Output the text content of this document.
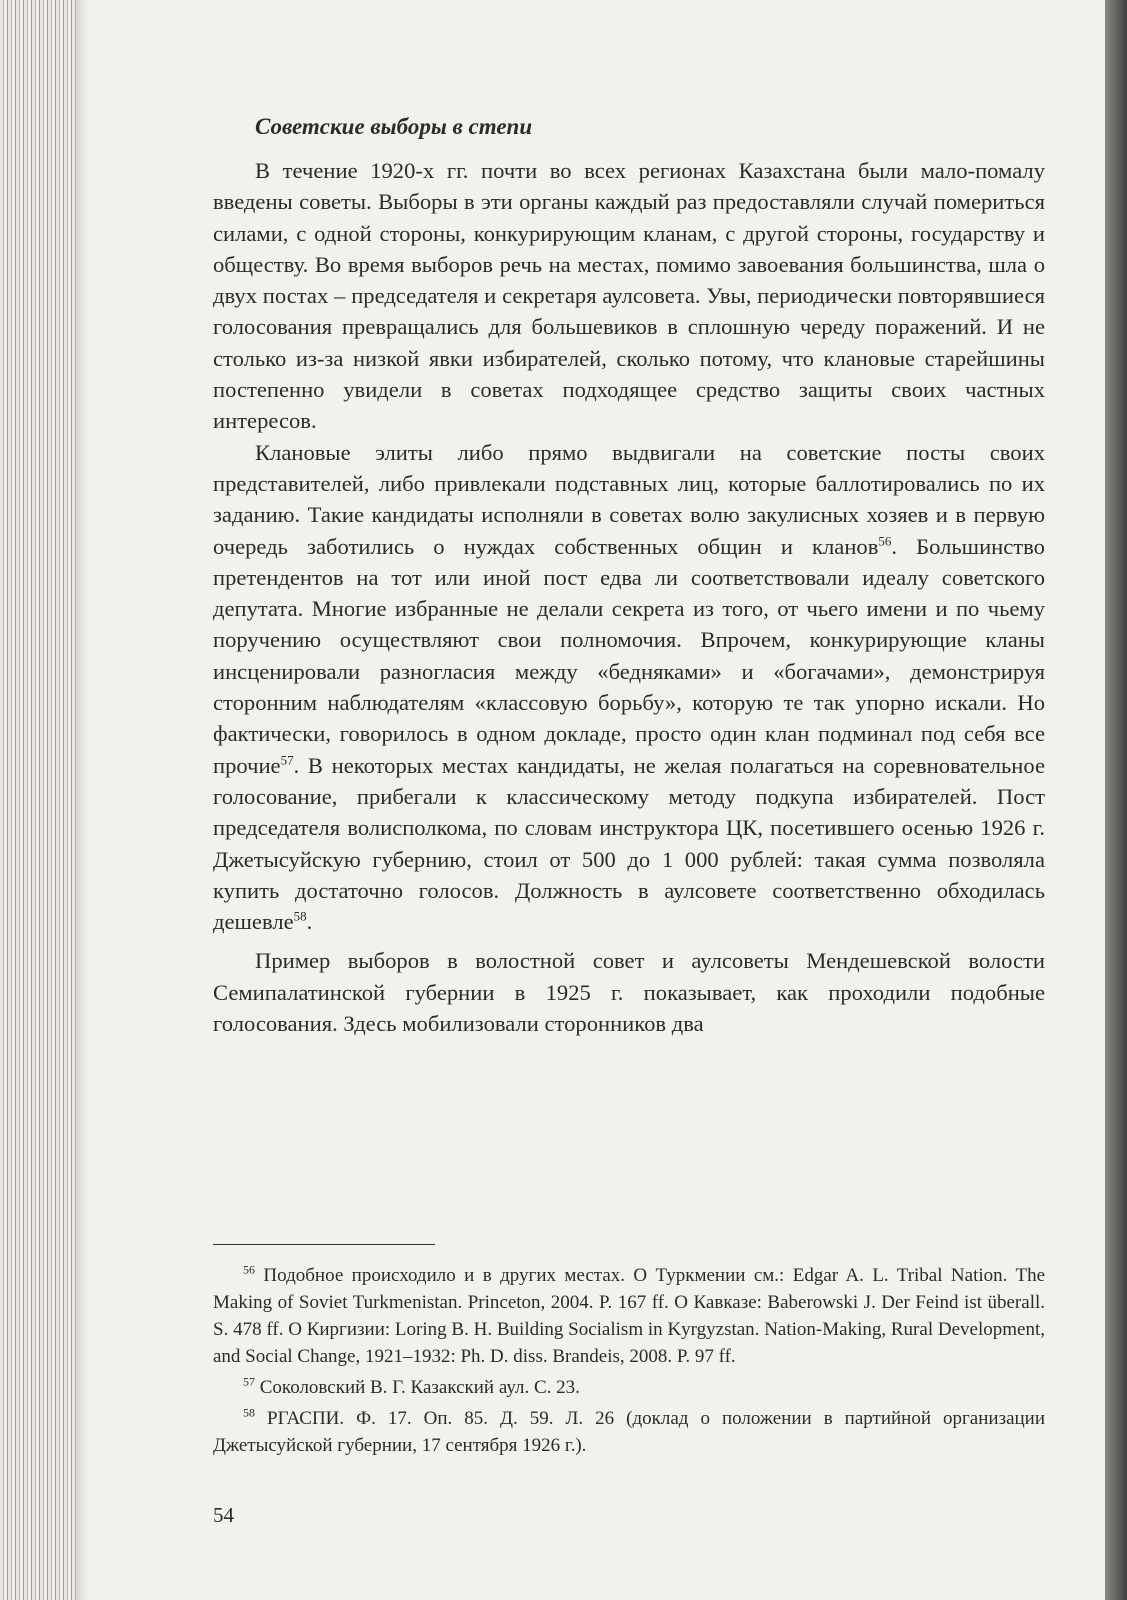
Советские выборы в степи

В течение 1920-х гг. почти во всех регионах Казахстана были мало-помалу введены советы. Выборы в эти органы каждый раз предоставляли случай помериться силами, с одной стороны, конкурирующим кланам, с другой стороны, государству и обществу. Во время выборов речь на местах, помимо завоевания большинства, шла о двух постах – председателя и секретаря аулсовета. Увы, периодически повторявшиеся голосования превращались для большевиков в сплошную череду поражений. И не столько из-за низкой явки избирателей, сколько потому, что клановые старейшины постепенно увидели в советах подходящее средство защиты своих частных интересов.

Клановые элиты либо прямо выдвигали на советские посты своих представителей, либо привлекали подставных лиц, которые баллотировались по их заданию. Такие кандидаты исполняли в советах волю закулисных хозяев и в первую очередь заботились о нуждах собственных общин и кланов$^{56}$. Большинство претендентов на тот или иной пост едва ли соответствовали идеалу советского депутата. Многие избранные не делали секрета из того, от чьего имени и по чьему поручению осуществляют свои полномочия. Впрочем, конкурирующие кланы инсценировали разногласия между «бедняками» и «богачами», демонстрируя сторонним наблюдателям «классовую борьбу», которую те так упорно искали. Но фактически, говорилось в одном докладе, просто один клан подминал под себя все прочие$^{57}$. В некоторых местах кандидаты, не желая полагаться на соревновательное голосование, прибегали к классическому методу подкупа избирателей. Пост председателя волисполкома, по словам инструктора ЦК, посетившего осенью 1926 г. Джетысуйскую губернию, стоил от 500 до 1 000 рублей: такая сумма позволяла купить достаточно голосов. Должность в аулсовете соответственно обходилась дешевле$^{58}$.

Пример выборов в волостной совет и аулсоветы Мендешевской волости Семипалатинской губернии в 1925 г. показывает, как проходили подобные голосования. Здесь мобилизовали сторонников два

$^{56}$ Подобное происходило и в других местах. О Туркмении см.: Edgar A. L. Tribal Nation. The Making of Soviet Turkmenistan. Princeton, 2004. P. 167 ff. О Кавказе: Baberowski J. Der Feind ist überall. S. 478 ff. О Киргизии: Loring B. H. Building Socialism in Kyrgyzstan. Nation-Making, Rural Development, and Social Change, 1921–1932: Ph. D. diss. Brandeis, 2008. P. 97 ff.

$^{57}$ Соколовский В. Г. Казакский аул. С. 23.

$^{58}$ РГАСПИ. Ф. 17. Оп. 85. Д. 59. Л. 26 (доклад о положении в партийной организации Джетысуйской губернии, 17 сентября 1926 г.).

54
